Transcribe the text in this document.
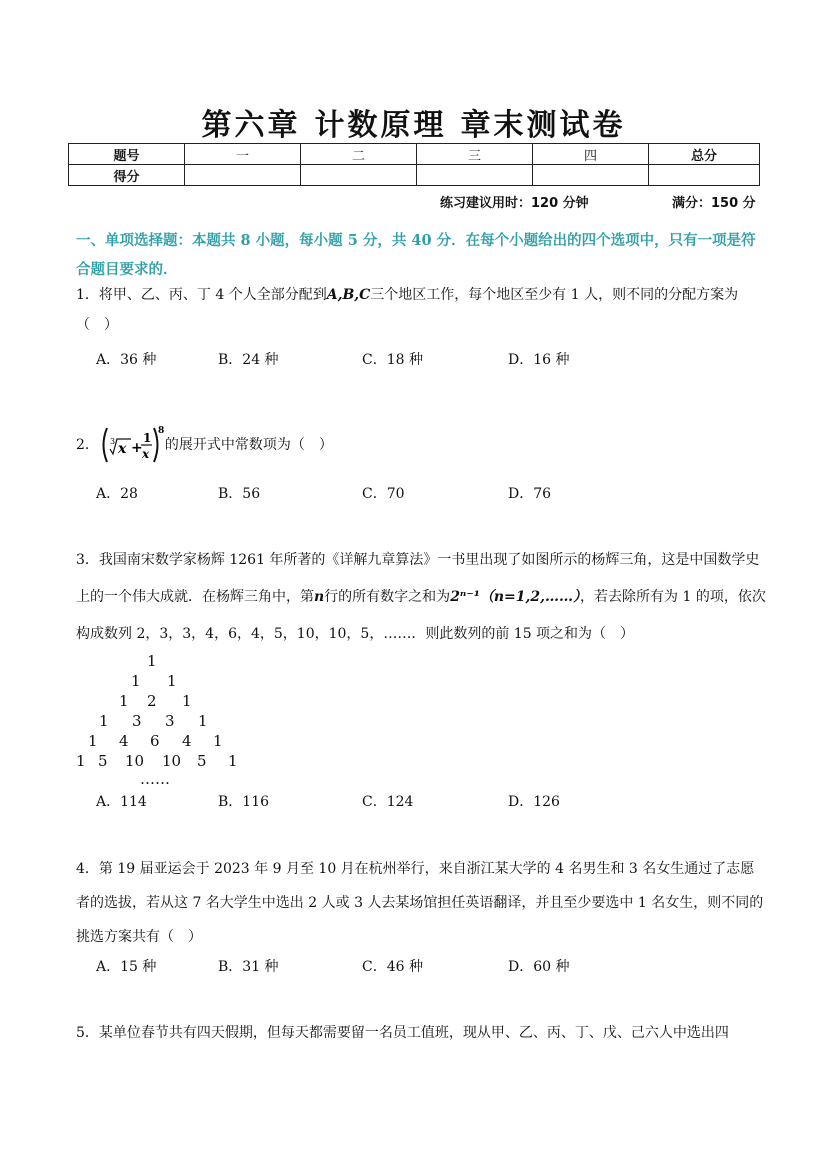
第六章 计数原理 章末测试卷
题号	一	二	三	四	总分
得分					
练习建议用时：120 分钟	满分：150 分
一、单项选择题：本题共 8 小题，每小题 5 分，共 40 分．在每个小题给出的四个选项中，只有一项是符合题目要求的．
1．将甲、乙、丙、丁 4 个人全部分配到A,B,C三个地区工作，每个地区至少有 1 人，则不同的分配方案为（　）
A．36 种	B．24 种	C．18 种	D．16 种
2． 3 x +
1
x
8
的展开式中常数项为（　）
A．28	B．56	C．70	D．76
3．我国南宋数学家杨辉 1261 年所著的《详解九章算法》一书里出现了如图所示的杨辉三角，这是中国数学史上的一个伟大成就．在杨辉三角中，第n行的所有数字之和为2ⁿ⁻¹（n=1,2,……），若去除所有为 1 的项，依次构成数列 2，3，3，4，6，4，5，10，10，5，……．则此数列的前 15 项之和为（　）
1
1 1
1 2 1
1 3 3 1
1 4 6 4 1
1 5 10 10 5 1
……
A．114	B．116	C．124	D．126
4．第 19 届亚运会于 2023 年 9 月至 10 月在杭州举行，来自浙江某大学的 4 名男生和 3 名女生通过了志愿者的选拔，若从这 7 名大学生中选出 2 人或 3 人去某场馆担任英语翻译，并且至少要选中 1 名女生，则不同的挑选方案共有（　）
A．15 种	B．31 种	C．46 种	D．60 种
5．某单位春节共有四天假期，但每天都需要留一名员工值班，现从甲、乙、丙、丁、戊、己六人中选出四
